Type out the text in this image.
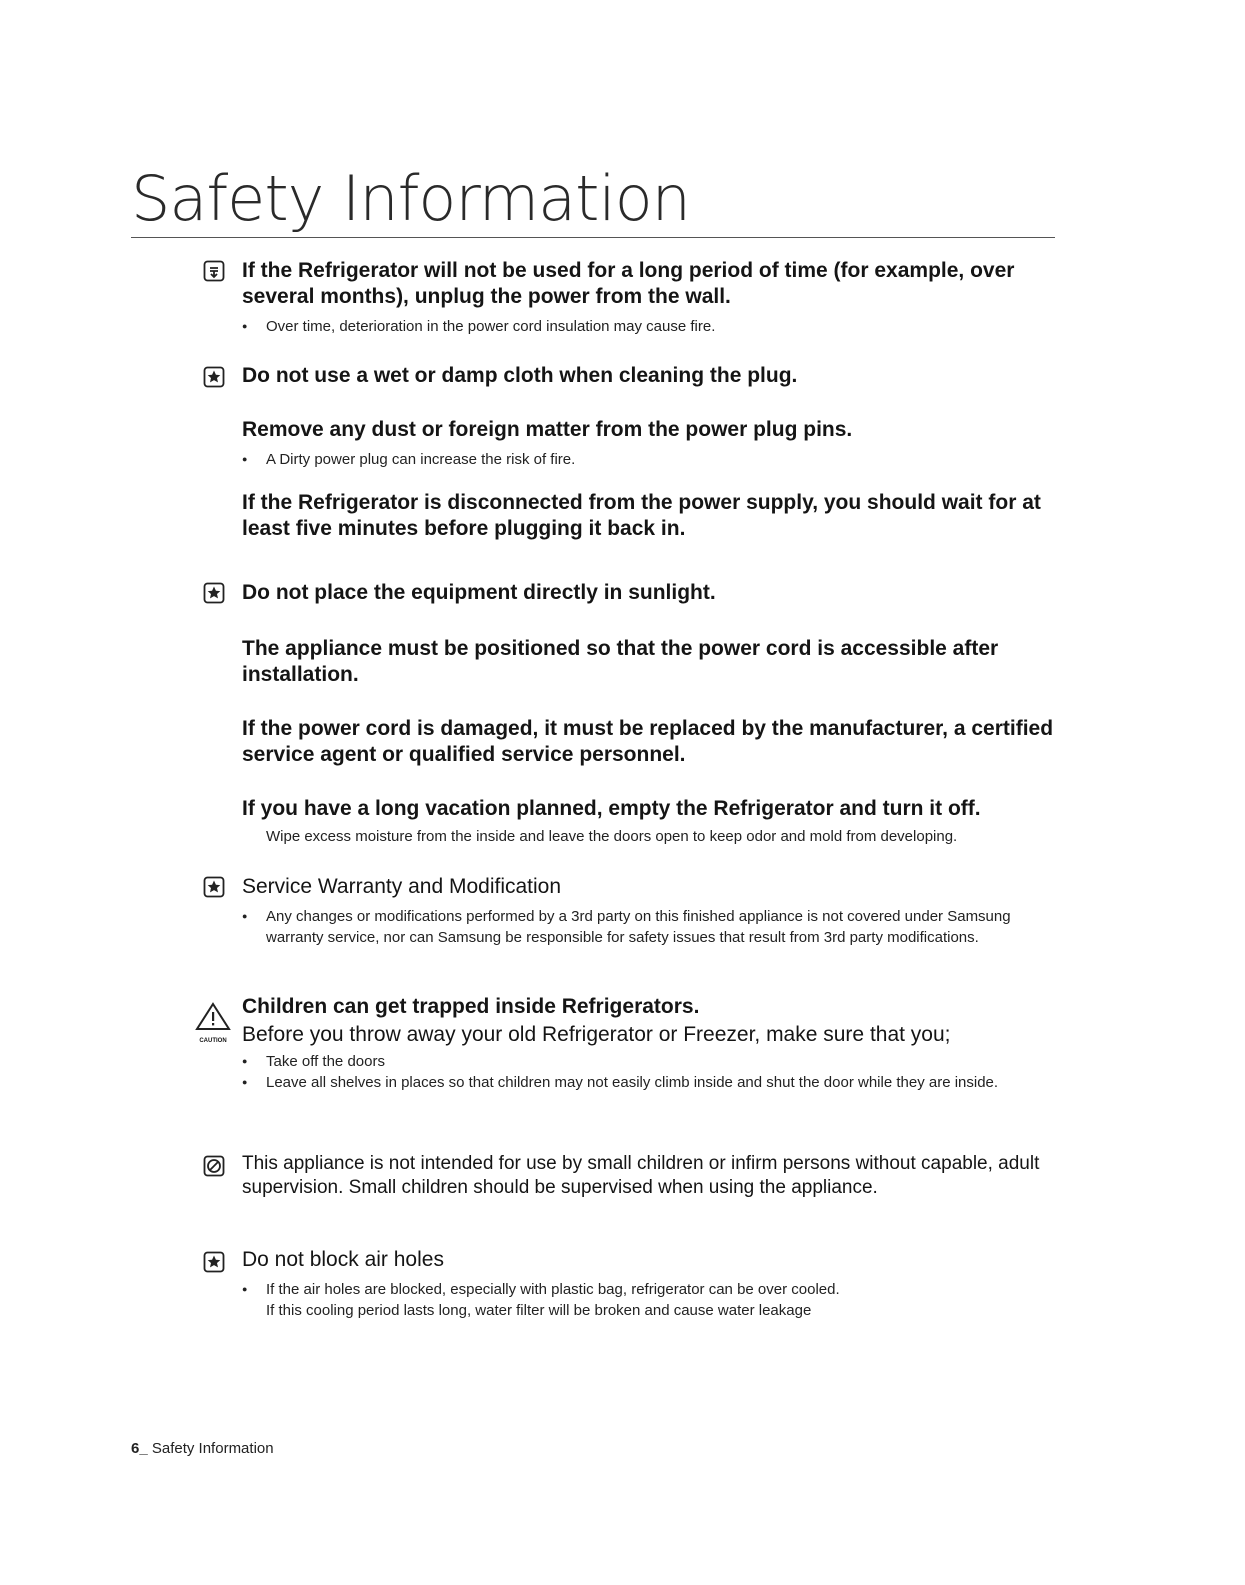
Safety Information

If the Refrigerator will not be used for a long period of time (for example, over several months), unplug the power from the wall.

● Over time, deterioration in the power cord insulation may cause fire.

Do not use a wet or damp cloth when cleaning the plug.

Remove any dust or foreign matter from the power plug pins.

● A Dirty power plug can increase the risk of fire.

If the Refrigerator is disconnected from the power supply, you should wait for at least five minutes before plugging it back in.

Do not place the equipment directly in sunlight.

The appliance must be positioned so that the power cord is accessible after installation.

If the power cord is damaged, it must be replaced by the manufacturer, a certified service agent or qualified service personnel.

If you have a long vacation planned, empty the Refrigerator and turn it off.

Wipe excess moisture from the inside and leave the doors open to keep odor and mold from developing.

Service Warranty and Modification

● Any changes or modifications performed by a 3rd party on this finished appliance is not covered under Samsung warranty service, nor can Samsung be responsible for safety issues that result from 3rd party modifications.
CAUTION

Children can get trapped inside Refrigerators.

Before you throw away your old Refrigerator or Freezer, make sure that you;

● Take off the doors
● Leave all shelves in places so that children may not easily climb inside and shut the door while they are inside.

This appliance is not intended for use by small children or infirm persons without capable, adult supervision. Small children should be supervised when using the appliance.

Do not block air holes

● If the air holes are blocked, especially with plastic bag, refrigerator can be over cooled.
If this cooling period lasts long, water filter will be broken and cause water leakage
6_ Safety Information
